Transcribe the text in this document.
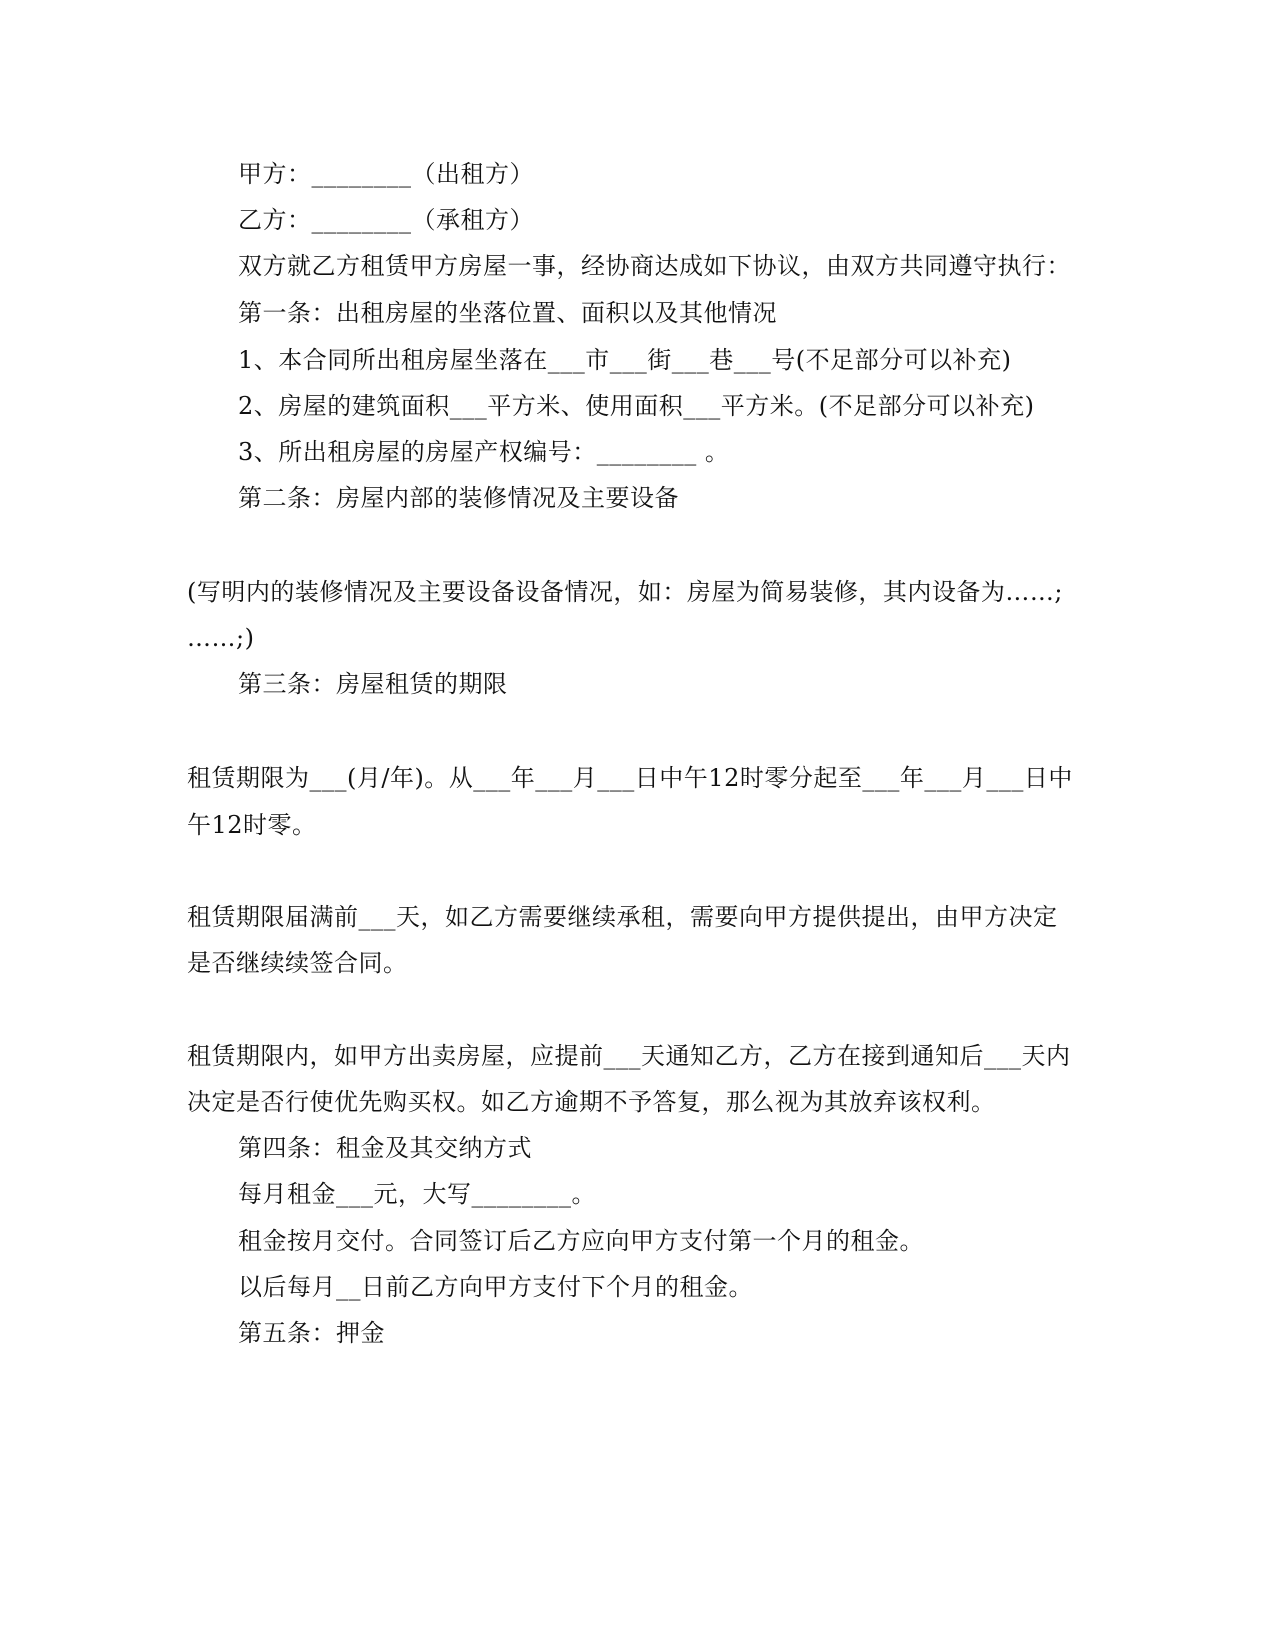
甲方：________（出租方）

乙方：________（承租方）

双方就乙方租赁甲方房屋一事，经协商达成如下协议，由双方共同遵守执行：

第一条：出租房屋的坐落位置、面积以及其他情况

1、本合同所出租房屋坐落在___市___街___巷___号(不足部分可以补充)

2、房屋的建筑面积___平方米、使用面积___平方米。(不足部分可以补充)

3、所出租房屋的房屋产权编号：________ 。

第二条：房屋内部的装修情况及主要设备

(写明内的装修情况及主要设备设备情况，如：房屋为简易装修，其内设备为……;

……;)

第三条：房屋租赁的期限

租赁期限为___(月/年)。从___年___月___日中午12时零分起至___年___月___日中

午12时零。

租赁期限届满前___天，如乙方需要继续承租，需要向甲方提供提出，由甲方决定

是否继续续签合同。

租赁期限内，如甲方出卖房屋，应提前___天通知乙方，乙方在接到通知后___天内

决定是否行使优先购买权。如乙方逾期不予答复，那么视为其放弃该权利。

第四条：租金及其交纳方式

每月租金___元，大写________。

租金按月交付。合同签订后乙方应向甲方支付第一个月的租金。

以后每月__日前乙方向甲方支付下个月的租金。

第五条：押金
